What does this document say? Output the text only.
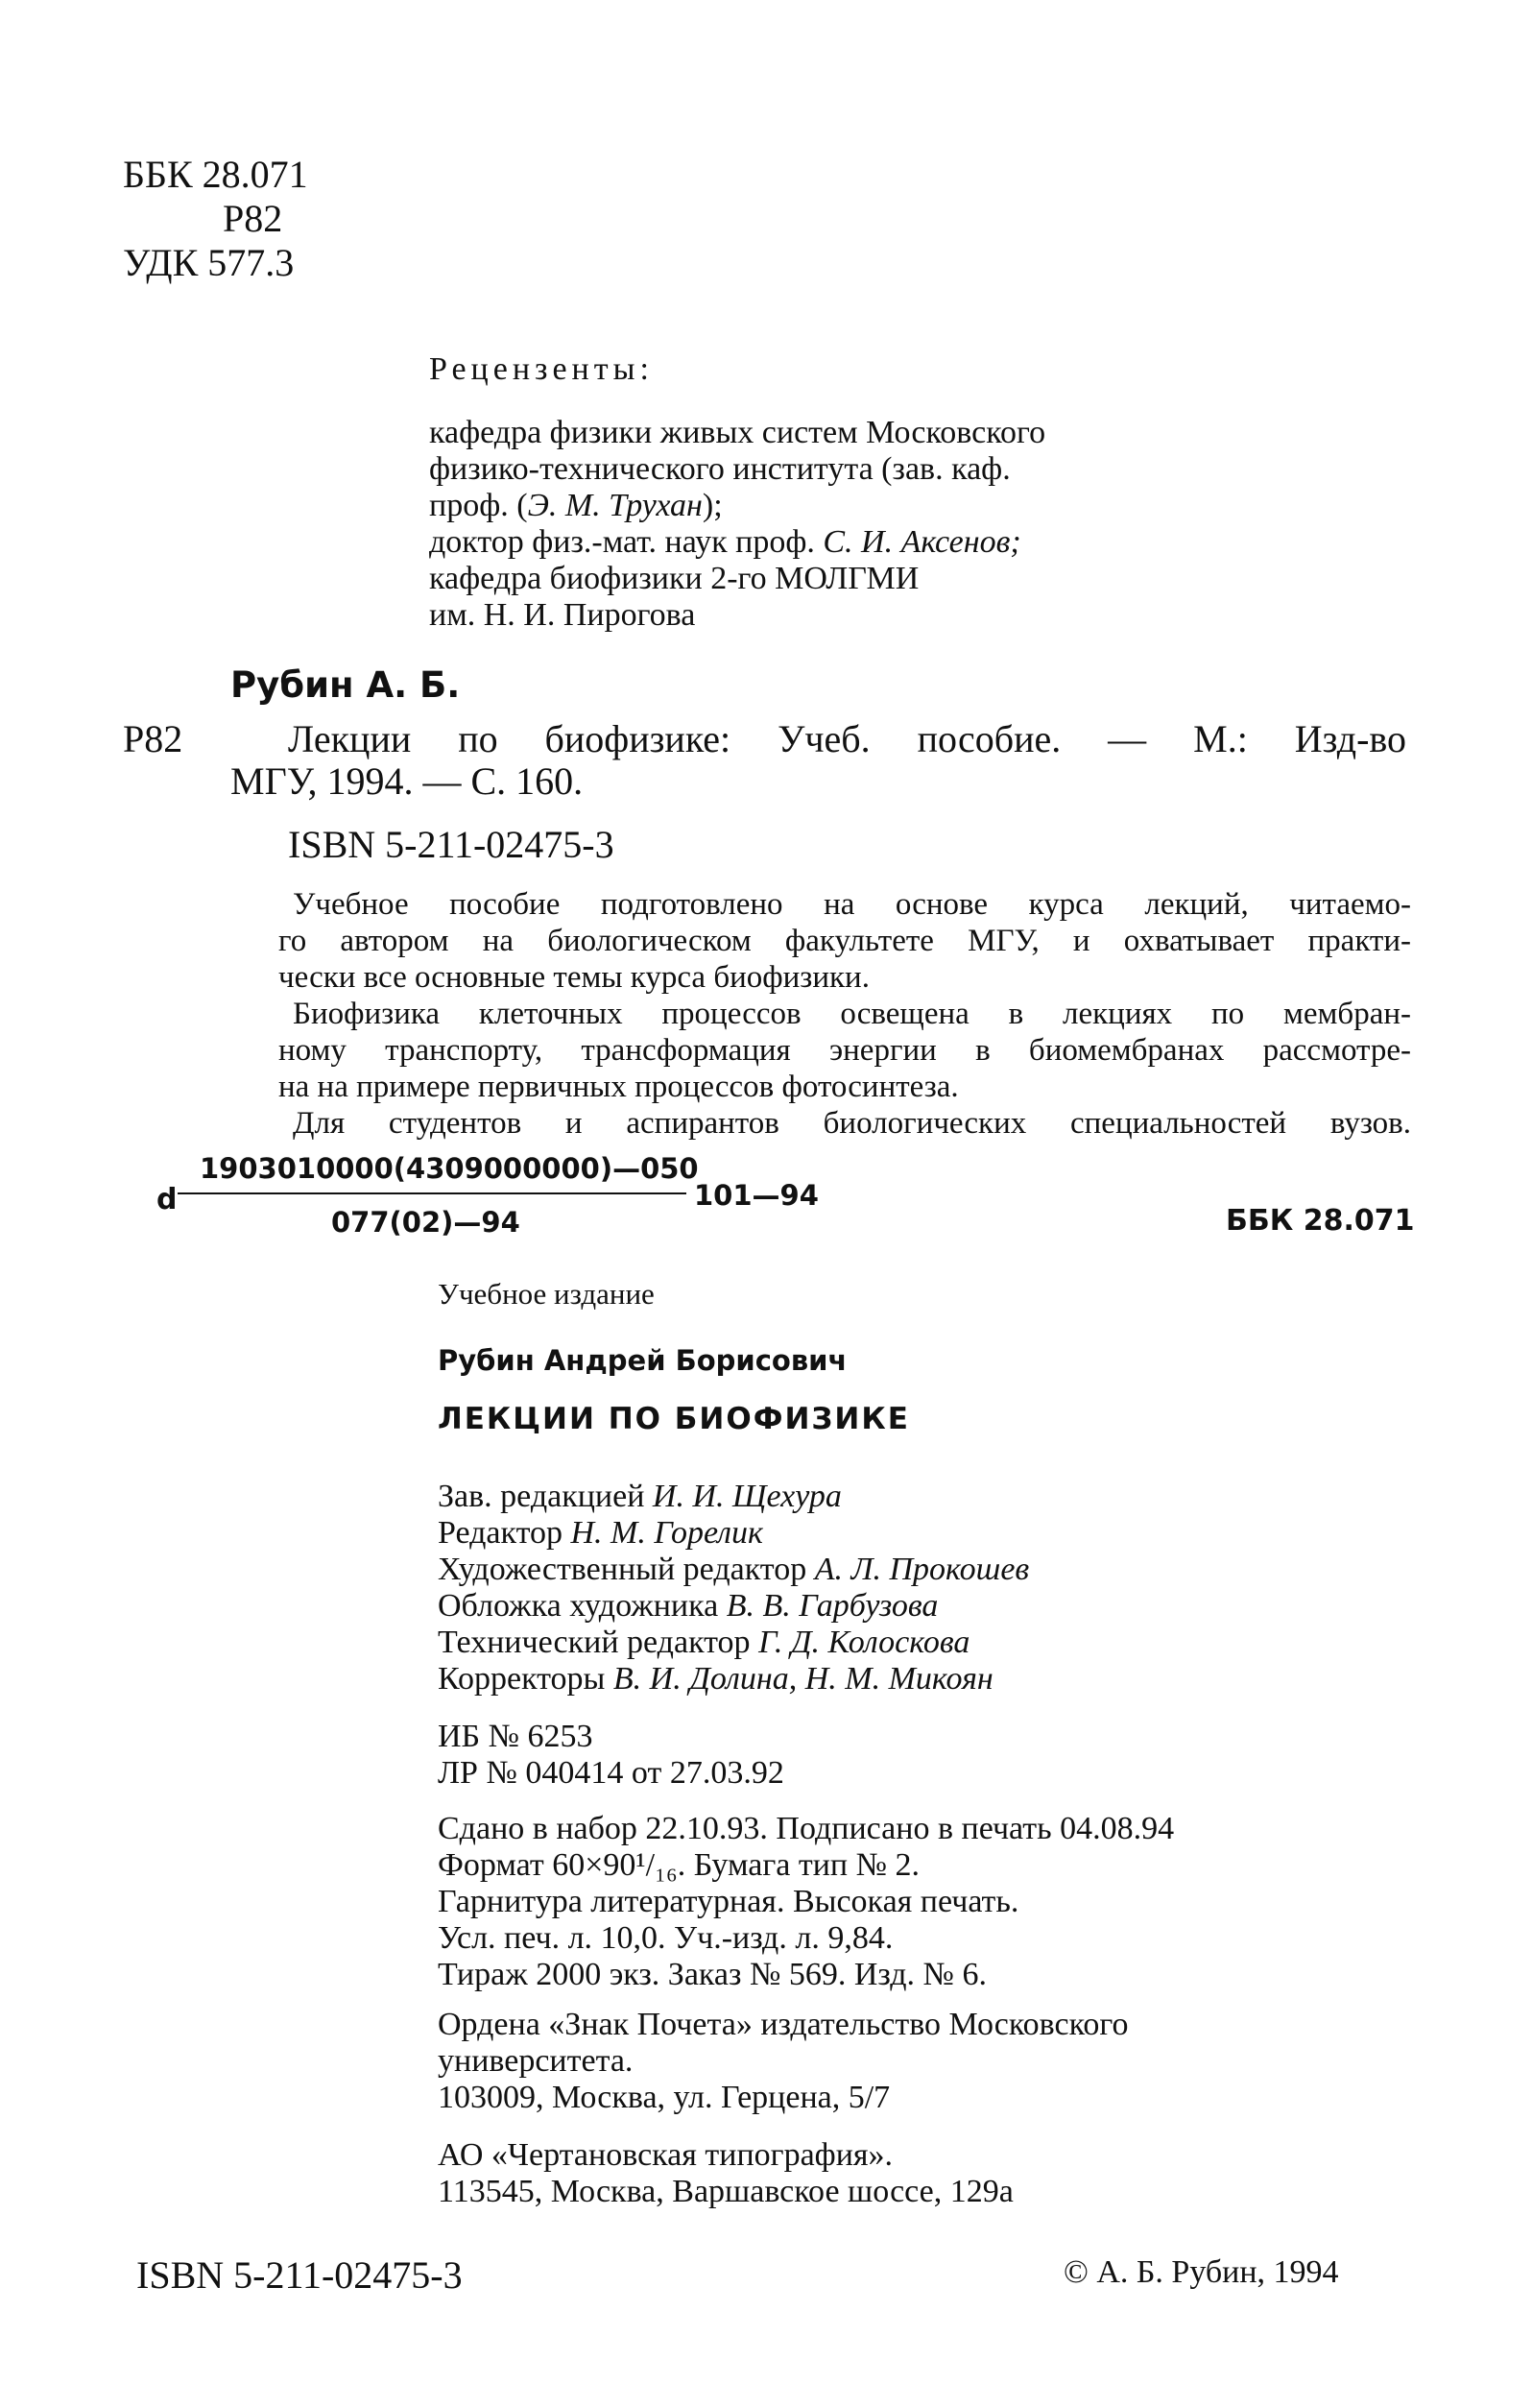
ББК 28.071
Р82
УДК 577.3
Рецензенты:
кафедра физики живых систем Московского
физико-технического института (зав. каф.
проф. (Э. М. Трухан);
доктор физ.-мат. наук проф. С. И. Аксенов;
кафедра биофизики 2-го МОЛГМИ
им. Н. И. Пирогова
Рубин А. Б.
Р82	Лекции по биофизике: Учеб. пособие. — М.: Изд-во
МГУ, 1994. — С. 160.
ISBN 5-211-02475-3
Учебное пособие подготовлено на основе курса лекций, читаемо-
го автором на биологическом факультете МГУ, и охватывает практи-
чески все основные темы курса биофизики.
Биофизика клеточных процессов освещена в лекциях по мембран-
ному транспорту, трансформация энергии в биомембранах рассмотре-
на на примере первичных процессов фотосинтеза.
Для студентов и аспирантов биологических специальностей вузов.
d
1903010000(4309000000)—050
077(02)—94
101—94
ББК 28.071
Учебное издание
Рубин Андрей Борисович
ЛЕКЦИИ ПО БИОФИЗИКЕ
Зав. редакцией И. И. Щехура
Редактор Н. М. Горелик
Художественный редактор А. Л. Прокошев
Обложка художника В. В. Гарбузова
Технический редактор Г. Д. Колоскова
Корректоры В. И. Долина, Н. М. Микоян
ИБ № 6253
ЛР № 040414 от 27.03.92
Сдано в набор 22.10.93. Подписано в печать 04.08.94
Формат 60×90¹/₁₆. Бумага тип № 2.
Гарнитура литературная. Высокая печать.
Усл. печ. л. 10,0. Уч.-изд. л. 9,84.
Тираж 2000 экз. Заказ № 569. Изд. № 6.
Ордена «Знак Почета» издательство Московского
университета.
103009, Москва, ул. Герцена, 5/7
АО «Чертановская типография».
113545, Москва, Варшавское шоссе, 129а
ISBN 5-211-02475-3	© А. Б. Рубин, 1994
